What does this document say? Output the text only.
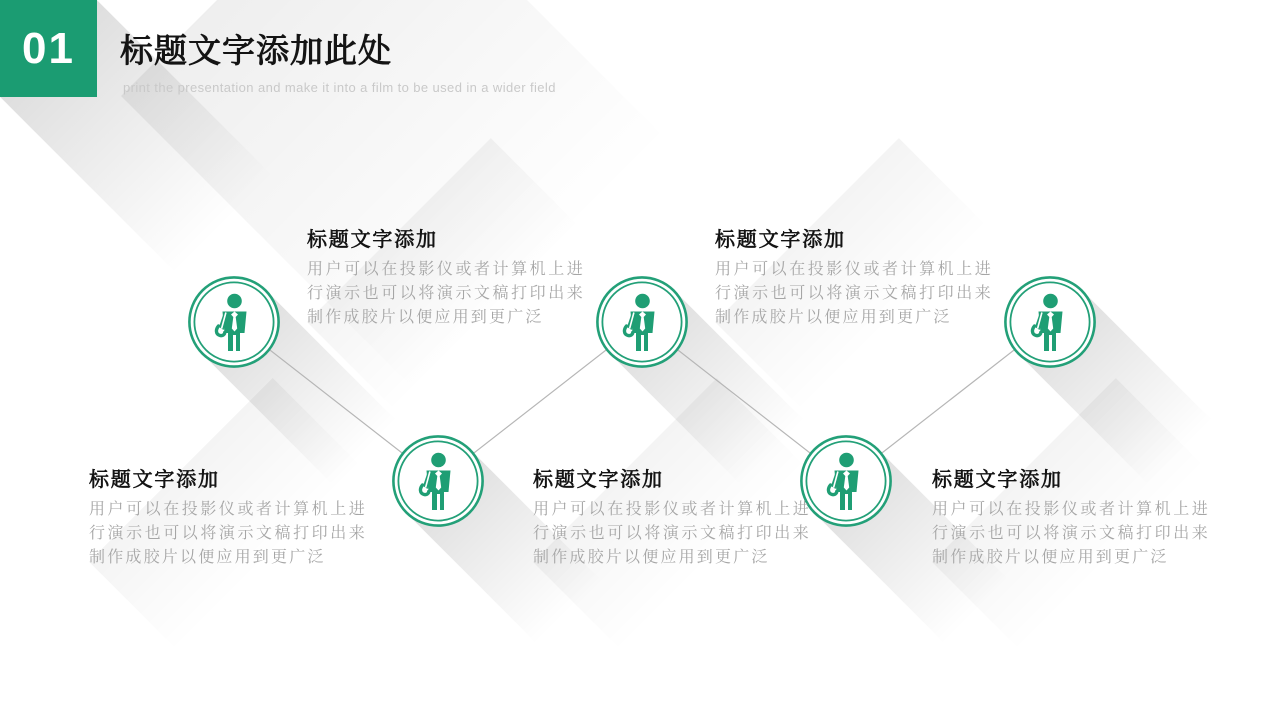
01	标题文字添加此处
print the presentation and make it into a film to be used in a wider field

标题文字添加

用户可以在投影仪或者计算机上进行演示也可以将演示文稿打印出来制作成胶片以便应用到更广泛

标题文字添加

用户可以在投影仪或者计算机上进行演示也可以将演示文稿打印出来制作成胶片以便应用到更广泛

标题文字添加

用户可以在投影仪或者计算机上进行演示也可以将演示文稿打印出来制作成胶片以便应用到更广泛

标题文字添加

用户可以在投影仪或者计算机上进行演示也可以将演示文稿打印出来制作成胶片以便应用到更广泛

标题文字添加

用户可以在投影仪或者计算机上进行演示也可以将演示文稿打印出来制作成胶片以便应用到更广泛
